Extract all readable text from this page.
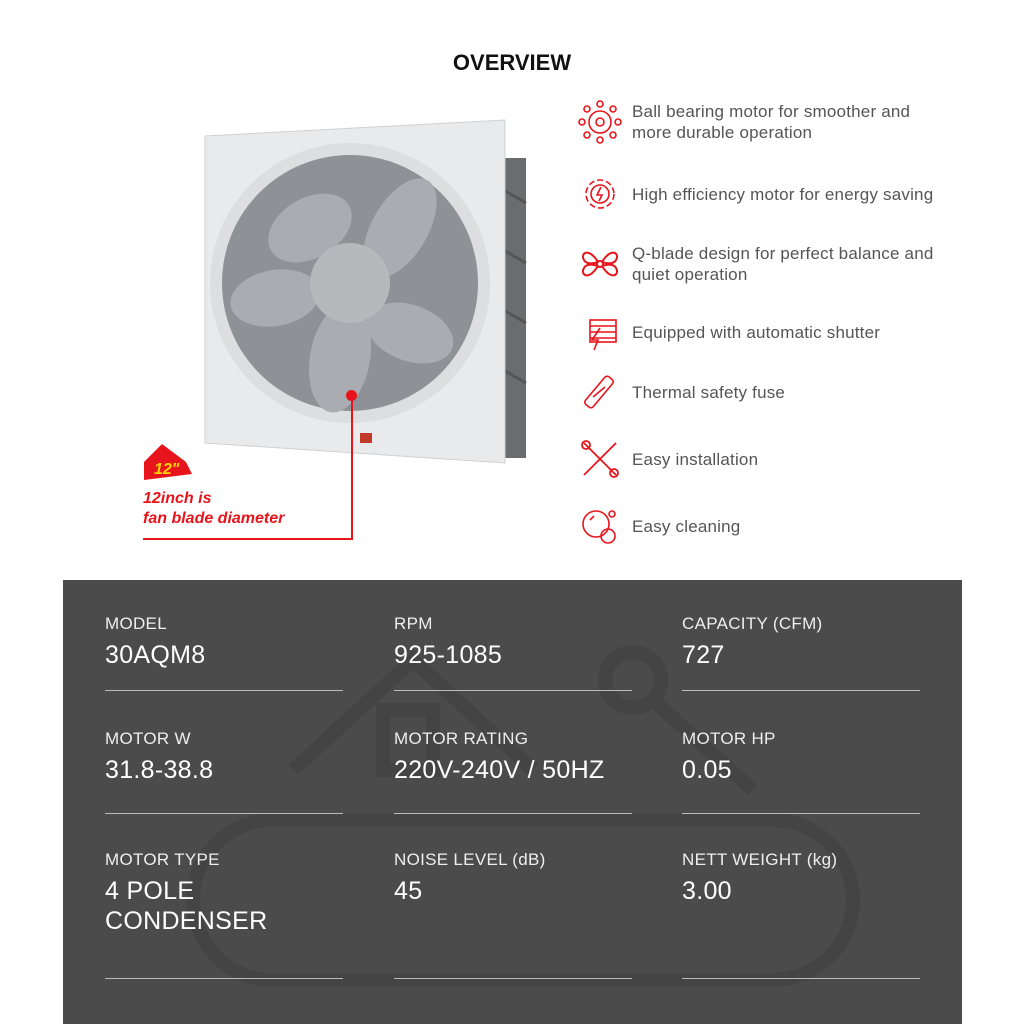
OVERVIEW
12"
12inch is
fan blade diameter
Ball bearing motor for smoother and more durable operation
High efficiency motor for energy saving
Q-blade design for perfect balance and quiet operation
Equipped with automatic shutter
Thermal safety fuse
Easy installation
Easy cleaning
MODEL
30AQM8
RPM
925-1085
CAPACITY (CFM)
727
MOTOR W
31.8-38.8
MOTOR RATING
220V-240V / 50HZ
MOTOR HP
0.05
MOTOR TYPE
4 POLE CONDENSER
NOISE LEVEL (dB)
45
NETT WEIGHT (kg)
3.00
